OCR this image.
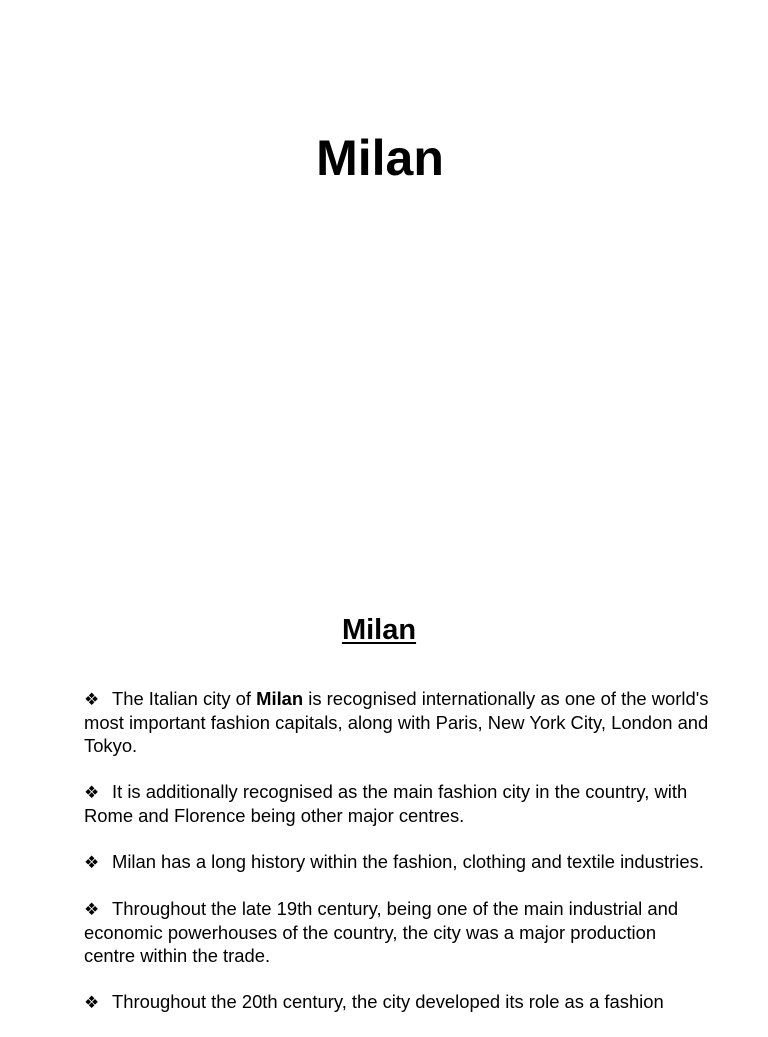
Milan
Milan
❖ The Italian city of Milan is recognised internationally as one of the world's most important fashion capitals, along with Paris, New York City, London and Tokyo.
❖ It is additionally recognised as the main fashion city in the country, with Rome and Florence being other major centres.
❖ Milan has a long history within the fashion, clothing and textile industries.
❖ Throughout the late 19th century, being one of the main industrial and economic powerhouses of the country, the city was a major production centre within the trade.
❖ Throughout the 20th century, the city developed its role as a fashion
